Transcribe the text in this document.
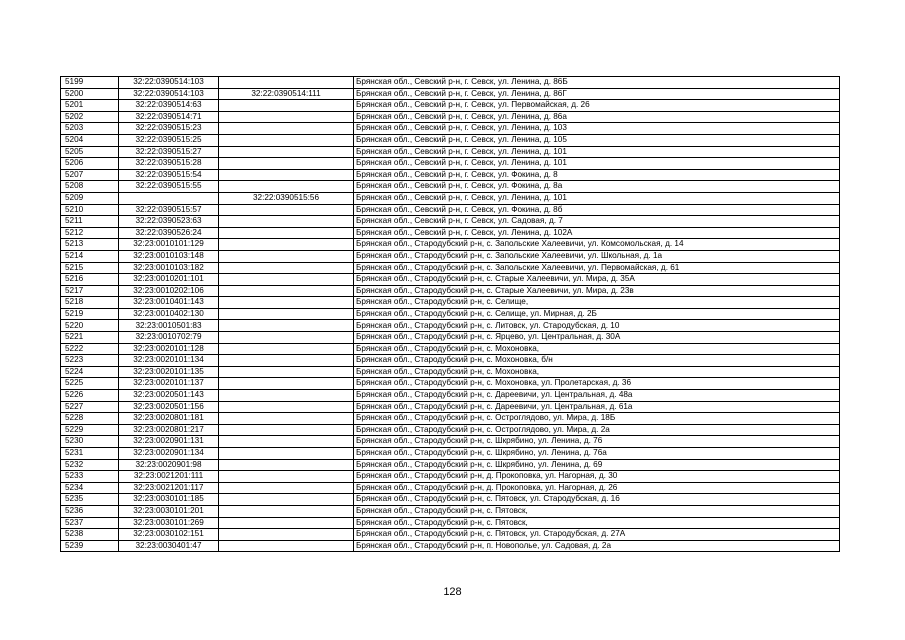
5199	32:22:0390514:103		Брянская обл., Севский р-н, г. Севск, ул. Ленина, д. 86Б
5200	32:22:0390514:103	32:22:0390514:111	Брянская обл., Севский р-н, г. Севск, ул. Ленина, д. 86Г
5201	32:22:0390514:63		Брянская обл., Севский р-н, г. Севск, ул. Первомайская, д. 26
5202	32:22:0390514:71		Брянская обл., Севский р-н, г. Севск, ул. Ленина, д. 86а
5203	32:22:0390515:23		Брянская обл., Севский р-н, г. Севск, ул. Ленина, д. 103
5204	32:22:0390515:25		Брянская обл., Севский р-н, г. Севск, ул. Ленина, д. 105
5205	32:22:0390515:27		Брянская обл., Севский р-н, г. Севск, ул. Ленина, д. 101
5206	32:22:0390515:28		Брянская обл., Севский р-н, г. Севск, ул. Ленина, д. 101
5207	32:22:0390515:54		Брянская обл., Севский р-н, г. Севск, ул. Фокина, д. 8
5208	32:22:0390515:55		Брянская обл., Севский р-н, г. Севск, ул. Фокина, д. 8а
5209		32:22:0390515:56	Брянская обл., Севский р-н, г. Севск, ул. Ленина, д. 101
5210	32:22:0390515:57		Брянская обл., Севский р-н, г. Севск, ул. Фокина, д. 8б
5211	32:22:0390523:63		Брянская обл., Севский р-н, г. Севск, ул. Садовая, д. 7
5212	32:22:0390526:24		Брянская обл., Севский р-н, г. Севск, ул. Ленина, д. 102А
5213	32:23:0010101:129		Брянская обл., Стародубский р-н, с. Запольские Халеевичи, ул. Комсомольская, д. 14
5214	32:23:0010103:148		Брянская обл., Стародубский р-н, с. Запольские Халеевичи, ул. Школьная, д. 1а
5215	32:23:0010103:182		Брянская обл., Стародубский р-н, с. Запольские Халеевичи, ул. Первомайская, д. 61
5216	32:23:0010201:101		Брянская обл., Стародубский р-н, с. Старые Халеевичи, ул. Мира, д. 35А
5217	32:23:0010202:106		Брянская обл., Стародубский р-н, с. Старые Халеевичи, ул. Мира, д. 23в
5218	32:23:0010401:143		Брянская обл., Стародубский р-н, с. Селище,
5219	32:23:0010402:130		Брянская обл., Стародубский р-н, с. Селище, ул. Мирная, д. 2Б
5220	32:23:0010501:83		Брянская обл., Стародубский р-н, с. Литовск, ул. Стародубская, д. 10
5221	32:23:0010702:79		Брянская обл., Стародубский р-н, с. Ярцево, ул. Центральная, д. 30А
5222	32:23:0020101:128		Брянская обл., Стародубский р-н, с. Мохоновка,
5223	32:23:0020101:134		Брянская обл., Стародубский р-н, с. Мохоновка, б/н
5224	32:23:0020101:135		Брянская обл., Стародубский р-н, с. Мохоновка,
5225	32:23:0020101:137		Брянская обл., Стародубский р-н, с. Мохоновка, ул. Пролетарская, д. 36
5226	32:23:0020501:143		Брянская обл., Стародубский р-н, с. Дареевичи, ул. Центральная, д. 48а
5227	32:23:0020501:156		Брянская обл., Стародубский р-н, с. Дареевичи, ул. Центральная, д. 61а
5228	32:23:0020801:181		Брянская обл., Стародубский р-н, с. Остроглядово, ул. Мира, д. 18Б
5229	32:23:0020801:217		Брянская обл., Стародубский р-н, с. Остроглядово, ул. Мира, д. 2а
5230	32:23:0020901:131		Брянская обл., Стародубский р-н, с. Шкрябино, ул. Ленина, д. 76
5231	32:23:0020901:134		Брянская обл., Стародубский р-н, с. Шкрябино, ул. Ленина, д. 76а
5232	32:23:0020901:98		Брянская обл., Стародубский р-н, с. Шкрябино, ул. Ленина, д. 69
5233	32:23:0021201:111		Брянская обл., Стародубский р-н, д. Прокоповка, ул. Нагорная, д. 30
5234	32:23:0021201:117		Брянская обл., Стародубский р-н, д. Прокоповка, ул. Нагорная, д. 26
5235	32:23:0030101:185		Брянская обл., Стародубский р-н, с. Пятовск, ул. Стародубская, д. 16
5236	32:23:0030101:201		Брянская обл., Стародубский р-н, с. Пятовск,
5237	32:23:0030101:269		Брянская обл., Стародубский р-н, с. Пятовск,
5238	32:23:0030102:151		Брянская обл., Стародубский р-н, с. Пятовск, ул. Стародубская, д. 27А
5239	32:23:0030401:47		Брянская обл., Стародубский р-н, п. Новополье, ул. Садовая, д. 2а
128
